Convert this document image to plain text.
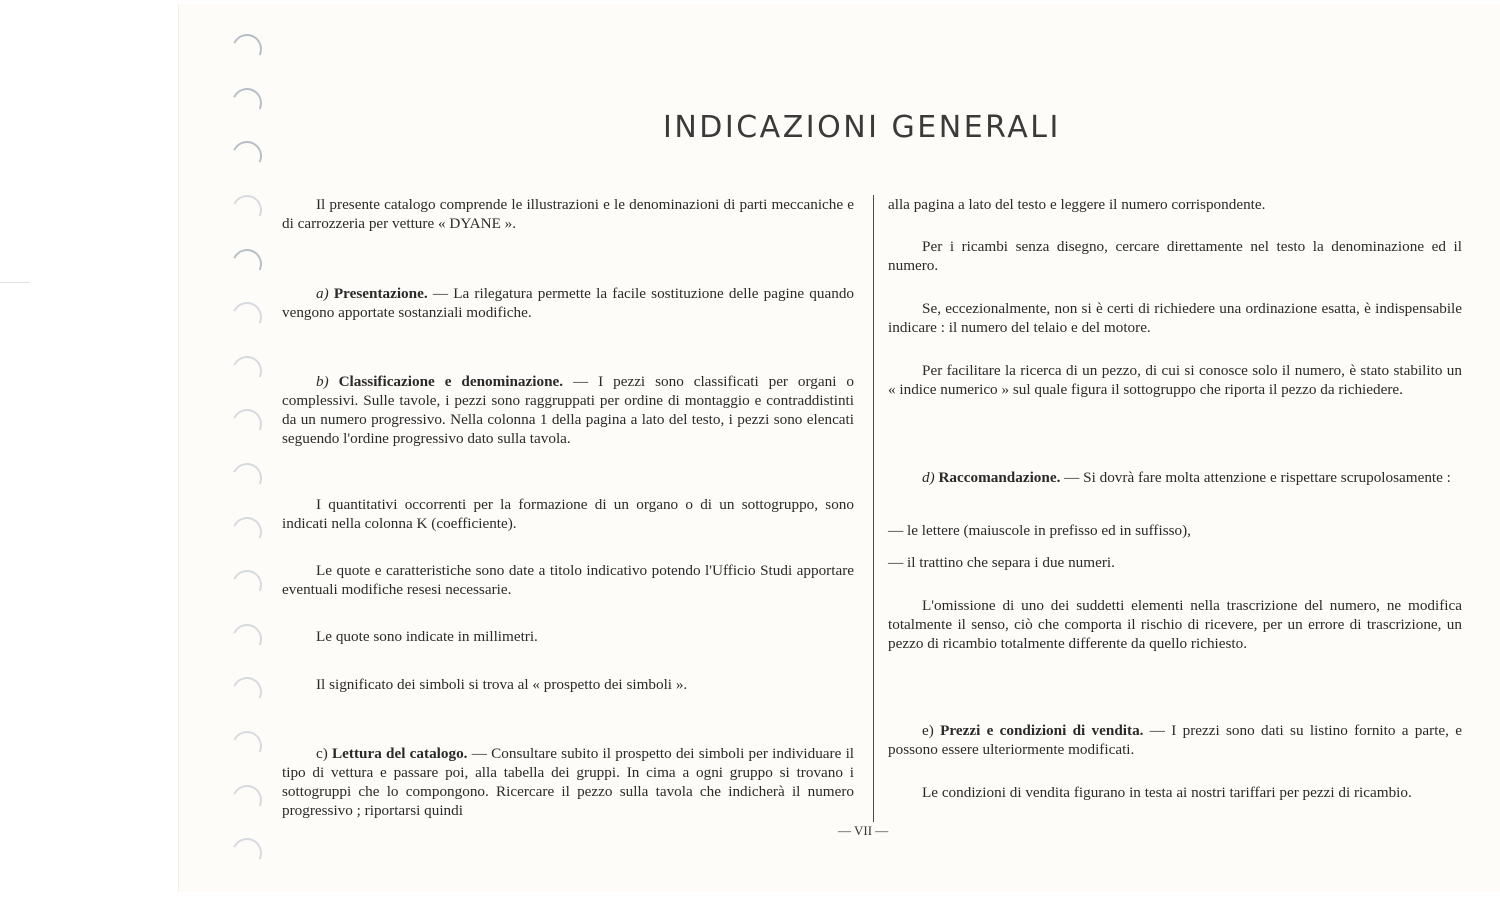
INDICAZIONI GENERALI

Il presente catalogo comprende le illustrazioni e le denominazioni di parti meccaniche e di carrozzeria per vetture « DYANE ».

a) Presentazione. — La rilegatura permette la facile sostituzione delle pagine quando vengono apportate sostanziali modifiche.

b) Classificazione e denominazione. — I pezzi sono classificati per organi o complessivi. Sulle tavole, i pezzi sono raggruppati per ordine di montaggio e contraddistinti da un numero progressivo. Nella colonna 1 della pagina a lato del testo, i pezzi sono elencati seguendo l'ordine progressivo dato sulla tavola.

I quantitativi occorrenti per la formazione di un organo o di un sottogruppo, sono indicati nella colonna K (coefficiente).

Le quote e caratteristiche sono date a titolo indicativo potendo l'Ufficio Studi apportare eventuali modifiche resesi necessarie.

Le quote sono indicate in millimetri.

Il significato dei simboli si trova al « prospetto dei simboli ».

c) Lettura del catalogo. — Consultare subito il prospetto dei simboli per individuare il tipo di vettura e passare poi, alla tabella dei gruppi. In cima a ogni gruppo si trovano i sottogruppi che lo compongono. Ricercare il pezzo sulla tavola che indicherà il numero progressivo ; riportarsi quindi

alla pagina a lato del testo e leggere il numero corrispondente.

Per i ricambi senza disegno, cercare direttamente nel testo la denominazione ed il numero.

Se, eccezionalmente, non si è certi di richiedere una ordinazione esatta, è indispensabile indicare : il numero del telaio e del motore.

Per facilitare la ricerca di un pezzo, di cui si conosce solo il numero, è stato stabilito un « indice numerico » sul quale figura il sottogruppo che riporta il pezzo da richiedere.

d) Raccomandazione. — Si dovrà fare molta attenzione e rispettare scrupolosamente :

— le lettere (maiuscole in prefisso ed in suffisso),

— il trattino che separa i due numeri.

L'omissione di uno dei suddetti elementi nella trascrizione del numero, ne modifica totalmente il senso, ciò che comporta il rischio di ricevere, per un errore di trascrizione, un pezzo di ricambio totalmente differente da quello richiesto.

e) Prezzi e condizioni di vendita. — I prezzi sono dati su listino fornito a parte, e possono essere ulteriormente modificati.

Le condizioni di vendita figurano in testa ai nostri tariffari per pezzi di ricambio.

— VII —
